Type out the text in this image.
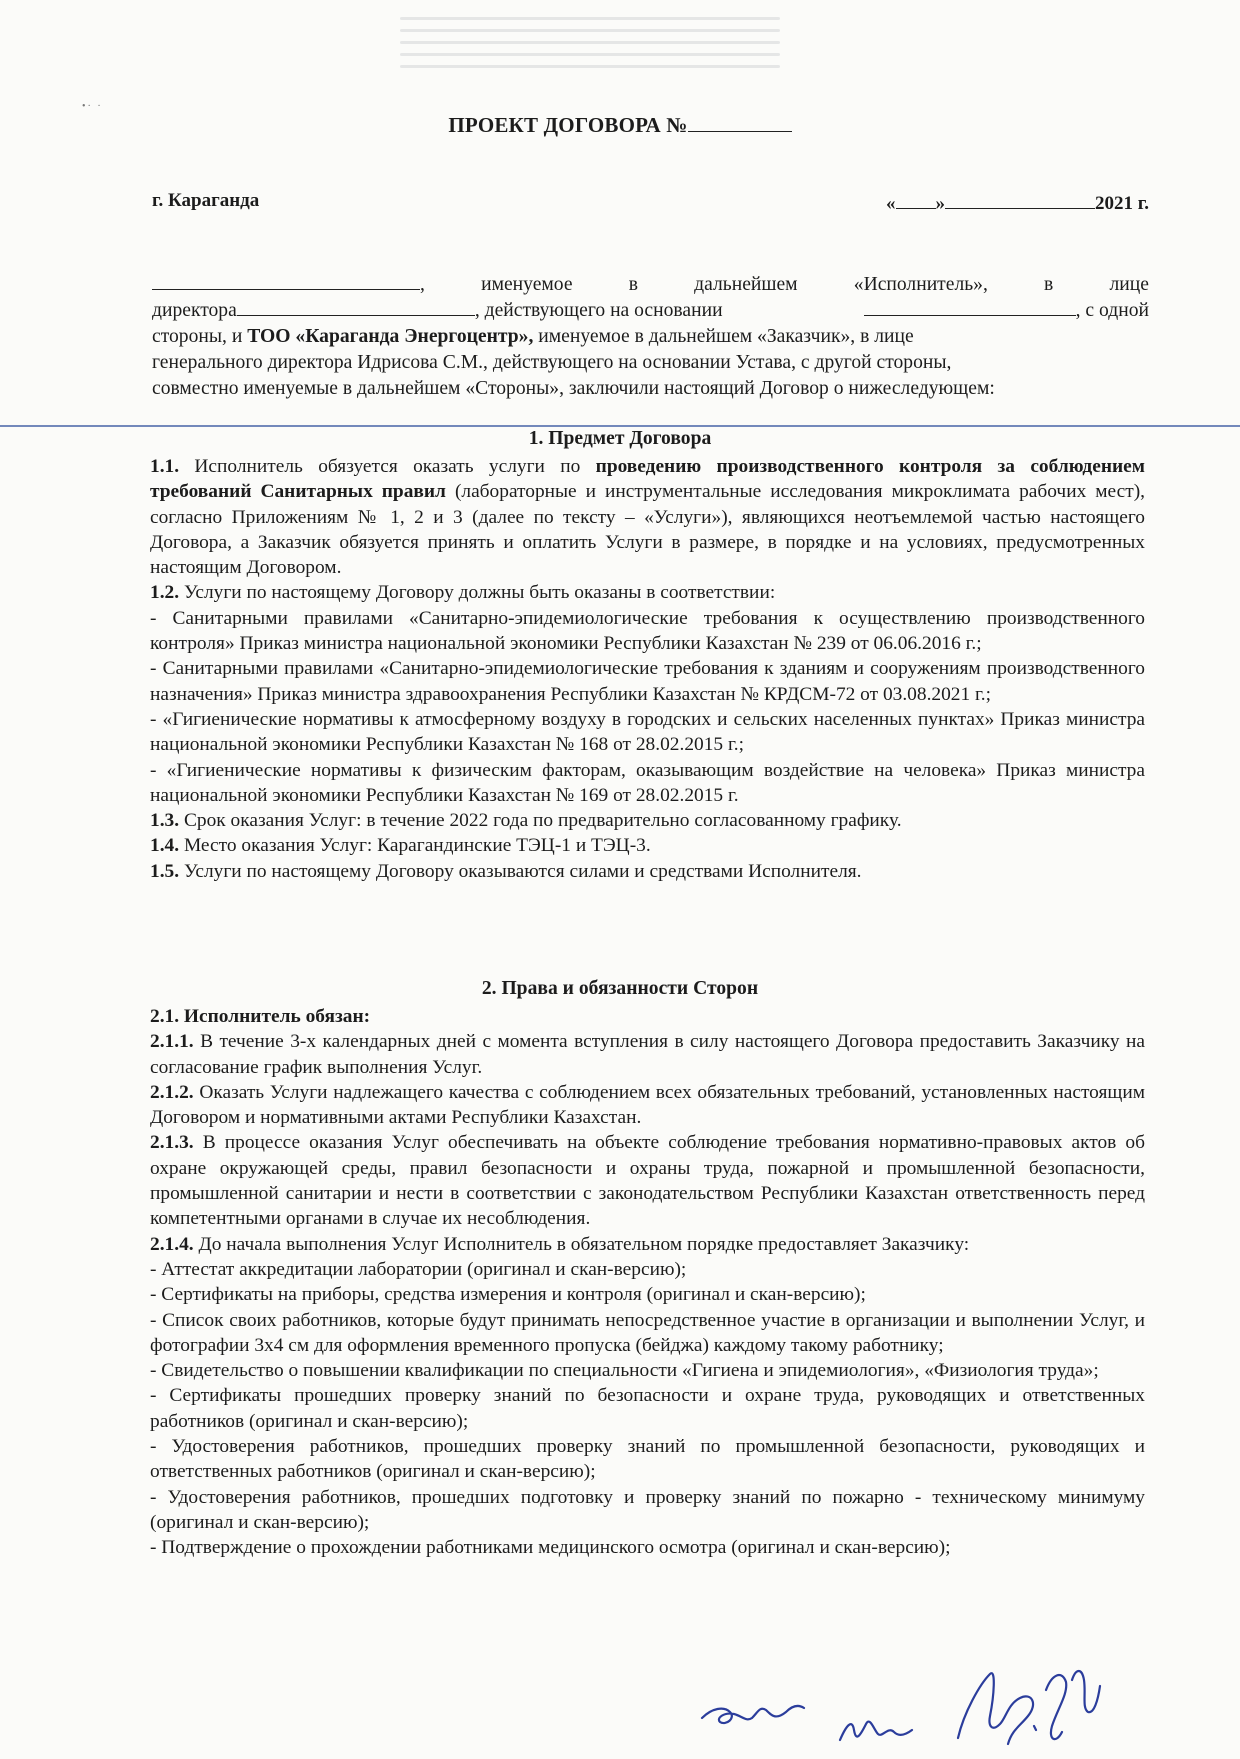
•· ·
ПРОЕКТ ДОГОВОРА №
г. Караганда	« »	2021 г.
,	именуемое	в	дальнейшем	«Исполнитель»,	в	лице
директора	, действующего на основании	, с одной
стороны, и ТОО «Караганда Энергоцентр», именуемое в дальнейшем «Заказчик», в лице
генерального директора Идрисова С.М., действующего на основании Устава, с другой стороны,
совместно именуемые в дальнейшем «Стороны», заключили настоящий Договор о нижеследующем:
1. Предмет Договора

1.1. Исполнитель обязуется оказать услуги по проведению производственного контроля за соблюдением требований Санитарных правил (лабораторные и инструментальные исследования микроклимата рабочих мест), согласно Приложениям № 1, 2 и 3 (далее по тексту – «Услуги»), являющихся неотъемлемой частью настоящего Договора, а Заказчик обязуется принять и оплатить Услуги в размере, в порядке и на условиях, предусмотренных настоящим Договором.

1.2. Услуги по настоящему Договору должны быть оказаны в соответствии:

- Санитарными правилами «Санитарно-эпидемиологические требования к осуществлению производственного контроля» Приказ министра национальной экономики Республики Казахстан № 239 от 06.06.2016 г.;

- Санитарными правилами «Санитарно-эпидемиологические требования к зданиям и сооружениям производственного назначения» Приказ министра здравоохранения Республики Казахстан № КРДСМ-72 от 03.08.2021 г.;

- «Гигиенические нормативы к атмосферному воздуху в городских и сельских населенных пунктах» Приказ министра национальной экономики Республики Казахстан № 168 от 28.02.2015 г.;

- «Гигиенические нормативы к физическим факторам, оказывающим воздействие на человека» Приказ министра национальной экономики Республики Казахстан № 169 от 28.02.2015 г.

1.3. Срок оказания Услуг: в течение 2022 года по предварительно согласованному графику.

1.4. Место оказания Услуг: Карагандинские ТЭЦ-1 и ТЭЦ-3.

1.5. Услуги по настоящему Договору оказываются силами и средствами Исполнителя.

2. Права и обязанности Сторон

2.1. Исполнитель обязан:

2.1.1. В течение 3-х календарных дней с момента вступления в силу настоящего Договора предоставить Заказчику на согласование график выполнения Услуг.

2.1.2. Оказать Услуги надлежащего качества с соблюдением всех обязательных требований, установленных настоящим Договором и нормативными актами Республики Казахстан.

2.1.3. В процессе оказания Услуг обеспечивать на объекте соблюдение требования нормативно-правовых актов об охране окружающей среды, правил безопасности и охраны труда, пожарной и промышленной безопасности, промышленной санитарии и нести в соответствии с законодательством Республики Казахстан ответственность перед компетентными органами в случае их несоблюдения.

2.1.4. До начала выполнения Услуг Исполнитель в обязательном порядке предоставляет Заказчику:

- Аттестат аккредитации лаборатории (оригинал и скан-версию);

- Сертификаты на приборы, средства измерения и контроля (оригинал и скан-версию);

- Список своих работников, которые будут принимать непосредственное участие в организации и выполнении Услуг, и фотографии 3х4 см для оформления временного пропуска (бейджа) каждому такому работнику;

- Свидетельство о повышении квалификации по специальности «Гигиена и эпидемиология», «Физиология труда»;

- Сертификаты прошедших проверку знаний по безопасности и охране труда, руководящих и ответственных работников (оригинал и скан-версию);

- Удостоверения работников, прошедших проверку знаний по промышленной безопасности, руководящих и ответственных работников (оригинал и скан-версию);

- Удостоверения работников, прошедших подготовку и проверку знаний по пожарно - техническому минимуму (оригинал и скан-версию);

- Подтверждение о прохождении работниками медицинского осмотра (оригинал и скан-версию);
